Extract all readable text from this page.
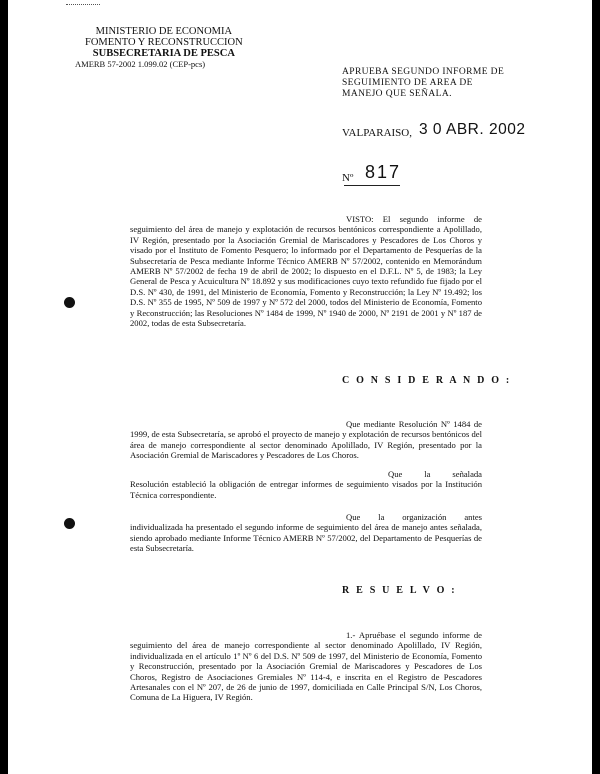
MINISTERIO DE ECONOMIA
FOMENTO Y RECONSTRUCCION
SUBSECRETARIA DE PESCA
AMERB 57-2002 1.099.02 (CEP-pcs)
APRUEBA SEGUNDO INFORME DE
SEGUIMIENTO DE AREA DE
MANEJO QUE SEÑALA.
VALPARAISO, 3 0 ABR. 2002
Nº 817
VISTO: El segundo informe de seguimiento del área de manejo y explotación de recursos bentónicos correspondiente a Apolillado, IV Región, presentado por la Asociación Gremial de Mariscadores y Pescadores de Los Choros y visado por el Instituto de Fomento Pesquero; lo informado por el Departamento de Pesquerías de la Subsecretaría de Pesca mediante Informe Técnico AMERB Nº 57/2002, contenido en Memorándum AMERB Nº 57/2002 de fecha 19 de abril de 2002; lo dispuesto en el D.F.L. Nº 5, de 1983; la Ley General de Pesca y Acuicultura Nº 18.892 y sus modificaciones cuyo texto refundido fue fijado por el D.S. Nº 430, de 1991, del Ministerio de Economía, Fomento y Reconstrucción; la Ley Nº 19.492; los D.S. Nº 355 de 1995, Nº 509 de 1997 y Nº 572 del 2000, todos del Ministerio de Economía, Fomento y Reconstrucción; las Resoluciones Nº 1484 de 1999, Nº 1940 de 2000, Nº 2191 de 2001 y Nº 187 de 2002, todas de esta Subsecretaría.
C O N S I D E R A N D O :
Que mediante Resolución Nº 1484 de 1999, de esta Subsecretaría, se aprobó el proyecto de manejo y explotación de recursos bentónicos del área de manejo correspondiente al sector denominado Apolillado, IV Región, presentado por la Asociación Gremial de Mariscadores y Pescadores de Los Choros.
Que la señalada Resolución estableció la obligación de entregar informes de seguimiento visados por la Institución Técnica correspondiente.
Que la organización antes individualizada ha presentado el segundo informe de seguimiento del área de manejo antes señalada, siendo aprobado mediante Informe Técnico AMERB Nº 57/2002, del Departamento de Pesquerías de esta Subsecretaría.
R E S U E L V O :
1.- Apruébase el segundo informe de seguimiento del área de manejo correspondiente al sector denominado Apolillado, IV Región, individualizada en el artículo 1º Nº 6 del D.S. Nº 509 de 1997, del Ministerio de Economía, Fomento y Reconstrucción, presentado por la Asociación Gremial de Mariscadores y Pescadores de Los Choros, Registro de Asociaciones Gremiales Nº 114-4, e inscrita en el Registro de Pescadores Artesanales con el Nº 207, de 26 de junio de 1997, domiciliada en Calle Principal S/N, Los Choros, Comuna de La Higuera, IV Región.
